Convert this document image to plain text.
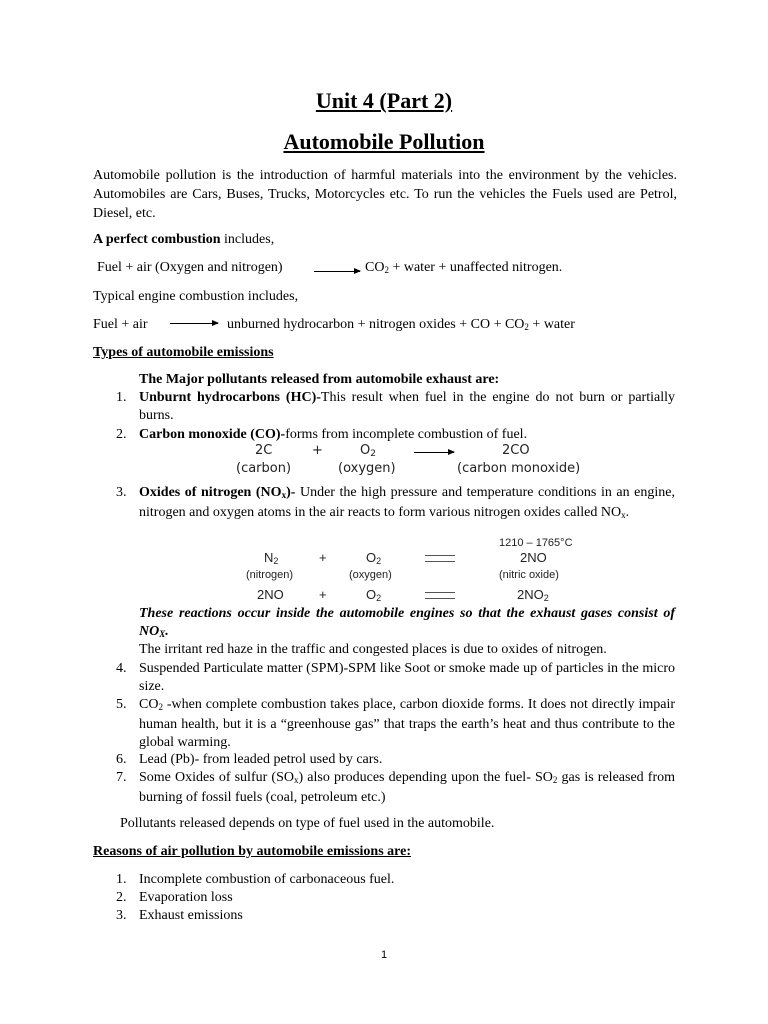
Unit 4 (Part 2)
Automobile Pollution
Automobile pollution is the introduction of harmful materials into the environment by the vehicles. Automobiles are Cars, Buses, Trucks, Motorcycles etc. To run the vehicles the Fuels used are Petrol, Diesel, etc.
A perfect combustion includes,
Fuel + air (Oxygen and nitrogen) → $CO_2$ + water + unaffected nitrogen.
Typical engine combustion includes,
Fuel + air → unburned hydrocarbon + nitrogen oxides + CO + $CO_2$ + water
Types of automobile emissions
The Major pollutants released from automobile exhaust are:
1. Unburnt hydrocarbons (HC)-This result when fuel in the engine do not burn or partially burns.
2. Carbon monoxide (CO)-forms from incomplete combustion of fuel.
2C	+	$O_2$	2CO
(carbon)	(oxygen)	(carbon monoxide)
3. Oxides of nitrogen $(NO_x)-$ Under the high pressure and temperature conditions in an engine, nitrogen and oxygen atoms in the air reacts to form various nitrogen oxides called $NO_x$.
1210 – 1765°C
$N_2$	+	$O_2$	2NO
(nitrogen)	(oxygen)	(nitric oxide)
2NO	+	$O_2$	$2NO_2$
These reactions occur inside the automobile engines so that the exhaust gases consist of $NO_X$.
The irritant red haze in the traffic and congested places is due to oxides of nitrogen.
4. Suspended Particulate matter (SPM)-SPM like Soot or smoke made up of particles in the micro size.
5. $CO_2$ -when complete combustion takes place, carbon dioxide forms. It does not directly impair human health, but it is a “greenhouse gas” that traps the earth’s heat and thus contribute to the global warming.
6. Lead (Pb)- from leaded petrol used by cars.
7. Some Oxides of sulfur $(SO_x)$ also produces depending upon the fuel- $SO_2$ gas is released from burning of fossil fuels (coal, petroleum etc.)
Pollutants released depends on type of fuel used in the automobile.
Reasons of air pollution by automobile emissions are:
1. Incomplete combustion of carbonaceous fuel.
2. Evaporation loss
3. Exhaust emissions
1
